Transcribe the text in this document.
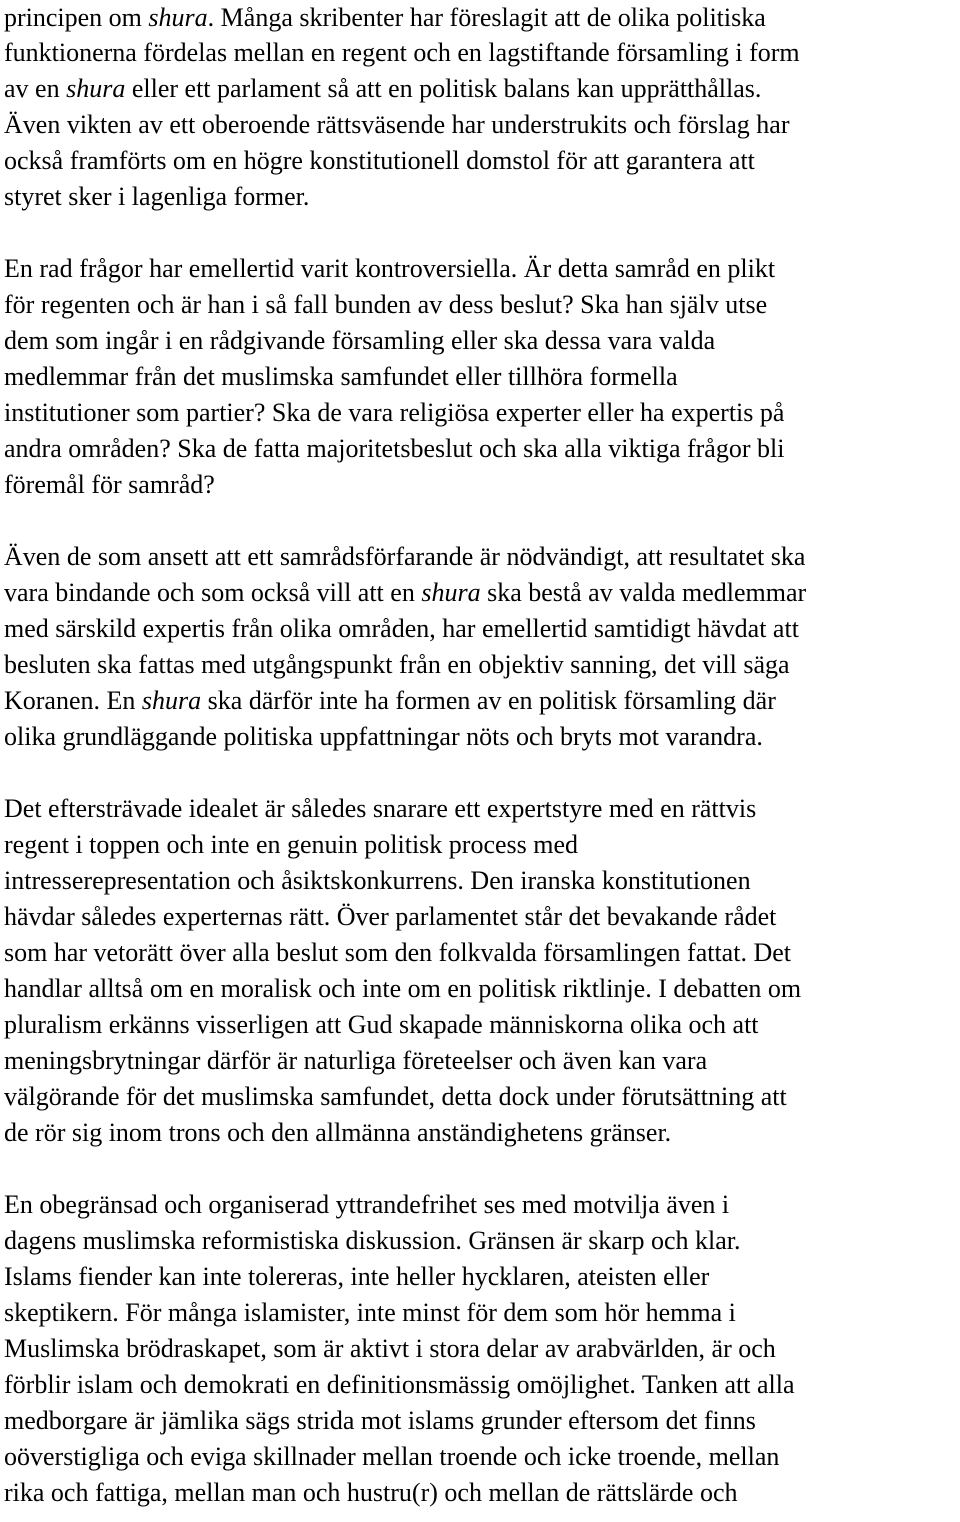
principen om shura. Många skribenter har föreslagit att de olika politiska
funktionerna fördelas mellan en regent och en lagstiftande församling i form
av en shura eller ett parlament så att en politisk balans kan upprätthållas.
Även vikten av ett oberoende rättsväsende har understrukits och förslag har
också framförts om en högre konstitutionell domstol för att garantera att
styret sker i lagenliga former.
En rad frågor har emellertid varit kontroversiella. Är detta samråd en plikt
för regenten och är han i så fall bunden av dess beslut? Ska han själv utse
dem som ingår i en rådgivande församling eller ska dessa vara valda
medlemmar från det muslimska samfundet eller tillhöra formella
institutioner som partier? Ska de vara religiösa experter eller ha expertis på
andra områden? Ska de fatta majoritetsbeslut och ska alla viktiga frågor bli
föremål för samråd?
Även de som ansett att ett samrådsförfarande är nödvändigt, att resultatet ska
vara bindande och som också vill att en shura ska bestå av valda medlemmar
med särskild expertis från olika områden, har emellertid samtidigt hävdat att
besluten ska fattas med utgångspunkt från en objektiv sanning, det vill säga
Koranen. En shura ska därför inte ha formen av en politisk församling där
olika grundläggande politiska uppfattningar nöts och bryts mot varandra.
Det eftersträvade idealet är således snarare ett expertstyre med en rättvis
regent i toppen och inte en genuin politisk process med
intresserepresentation och åsiktskonkurrens. Den iranska konstitutionen
hävdar således experternas rätt. Över parlamentet står det bevakande rådet
som har vetorätt över alla beslut som den folkvalda församlingen fattat. Det
handlar alltså om en moralisk och inte om en politisk riktlinje. I debatten om
pluralism erkänns visserligen att Gud skapade människorna olika och att
meningsbrytningar därför är naturliga företeelser och även kan vara
välgörande för det muslimska samfundet, detta dock under förutsättning att
de rör sig inom trons och den allmänna anständighetens gränser.
En obegränsad och organiserad yttrandefrihet ses med motvilja även i
dagens muslimska reformistiska diskussion. Gränsen är skarp och klar.
Islams fiender kan inte tolereras, inte heller hycklaren, ateisten eller
skeptikern. För många islamister, inte minst för dem som hör hemma i
Muslimska brödraskapet, som är aktivt i stora delar av arabvärlden, är och
förblir islam och demokrati en definitionsmässig omöjlighet. Tanken att alla
medborgare är jämlika sägs strida mot islams grunder eftersom det finns
oöverstigliga och eviga skillnader mellan troende och icke troende, mellan
rika och fattiga, mellan man och hustru(r) och mellan de rättslärde och
